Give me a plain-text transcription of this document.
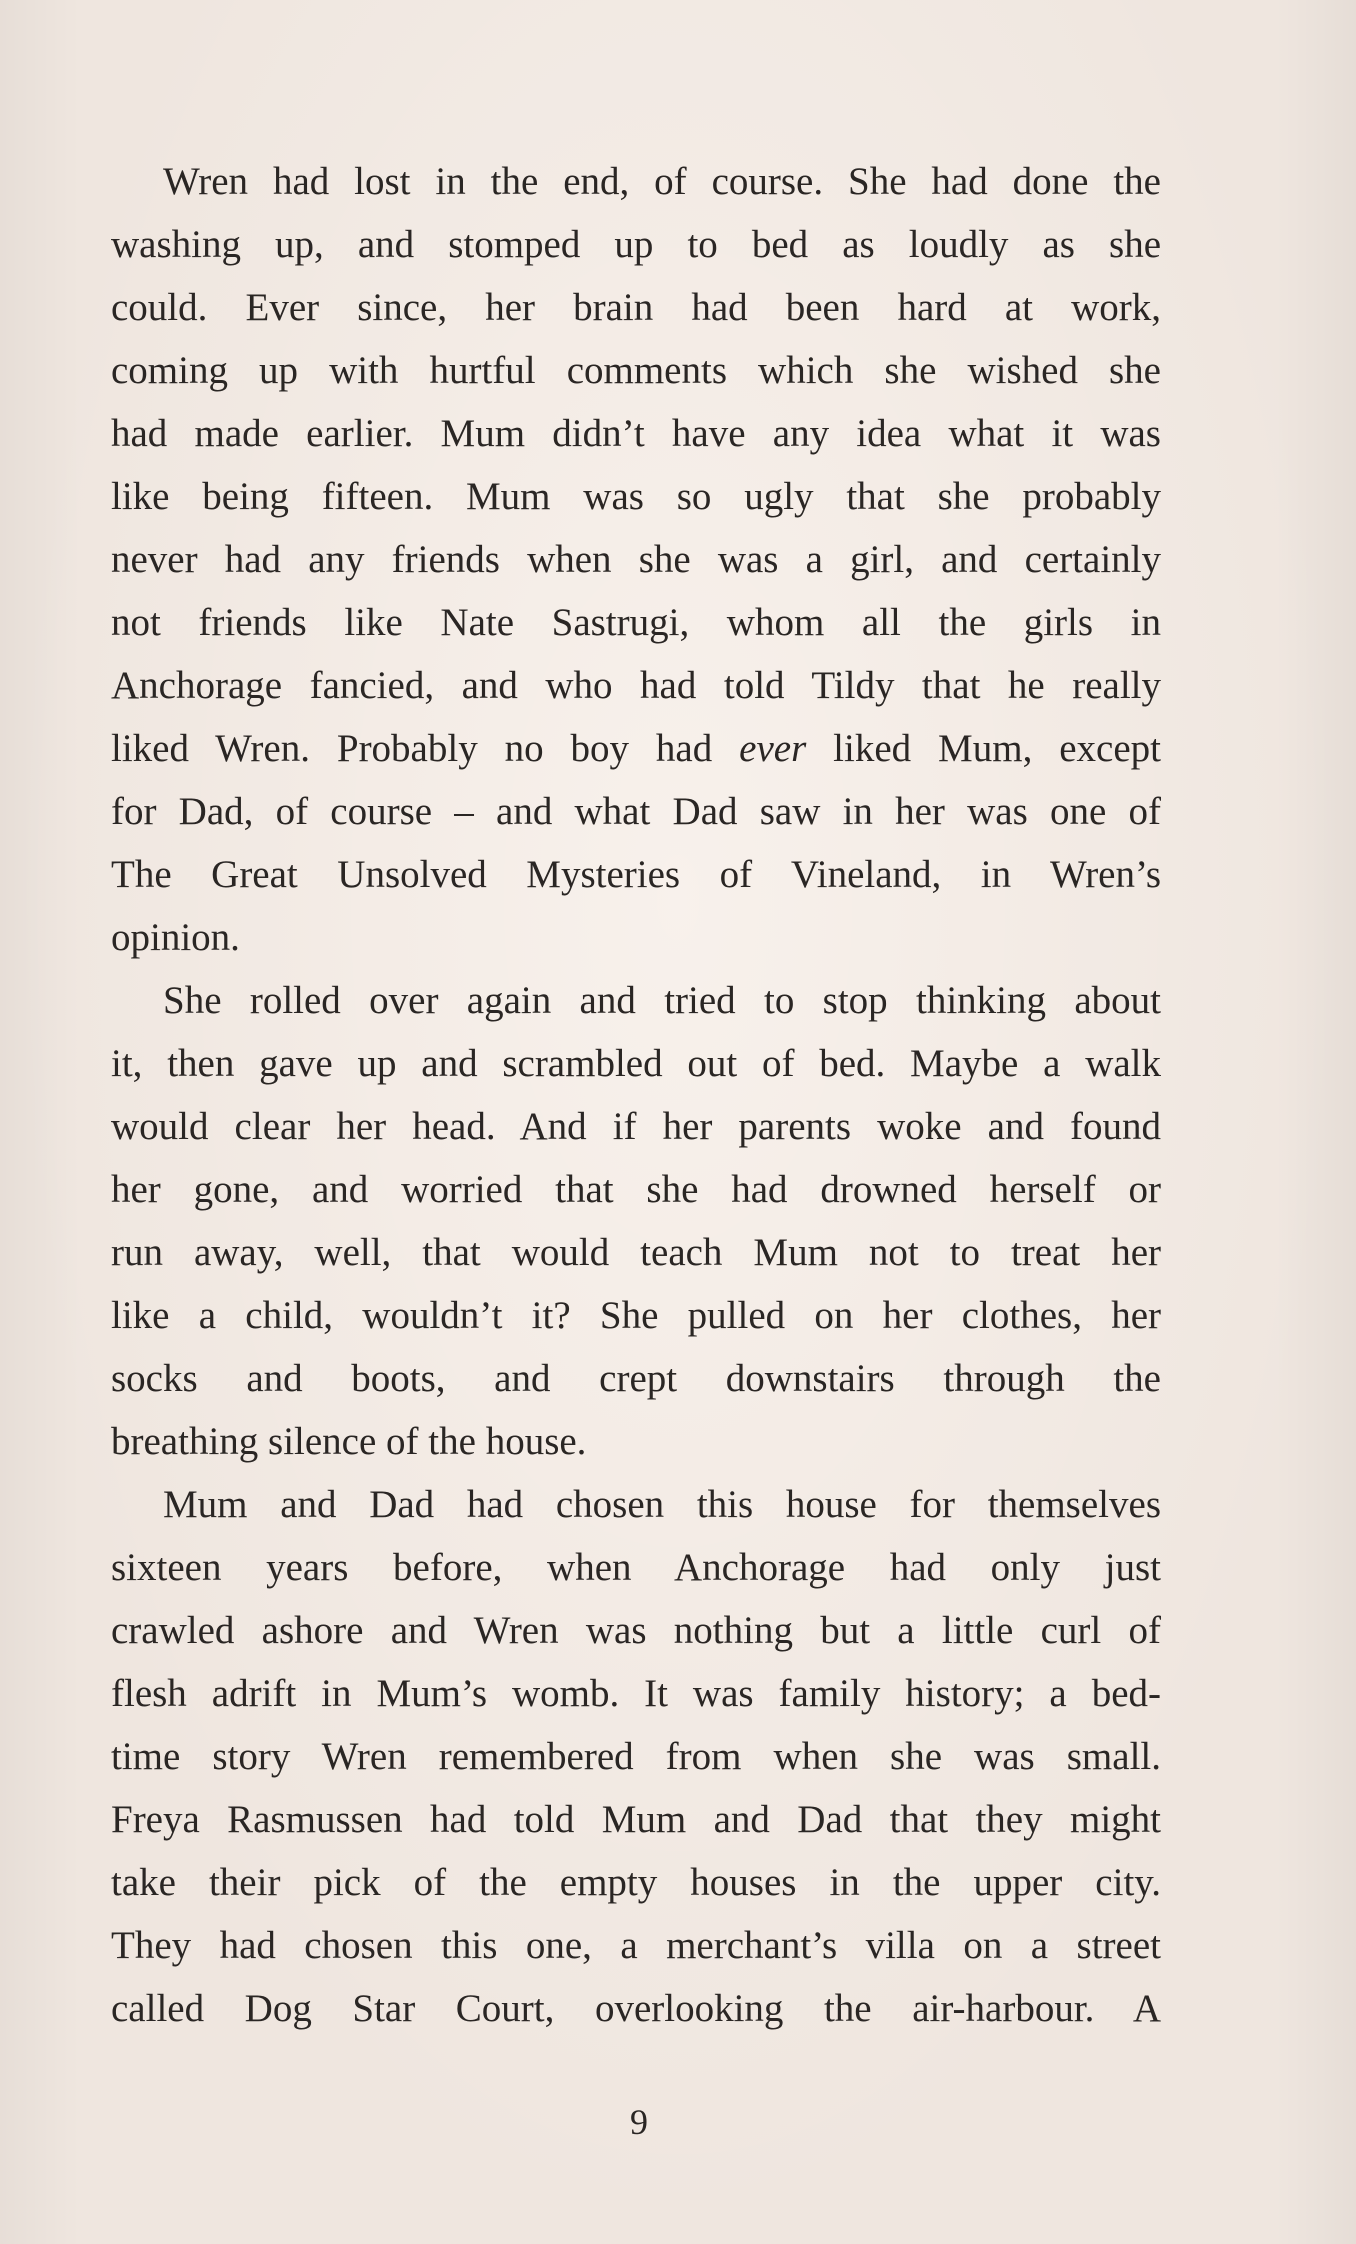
Wren had lost in the end, of course. She had done the
washing up, and stomped up to bed as loudly as she
could. Ever since, her brain had been hard at work,
coming up with hurtful comments which she wished she
had made earlier. Mum didn’t have any idea what it was
like being fifteen. Mum was so ugly that she probably
never had any friends when she was a girl, and certainly
not friends like Nate Sastrugi, whom all the girls in
Anchorage fancied, and who had told Tildy that he really
liked Wren. Probably no boy had ever liked Mum, except
for Dad, of course – and what Dad saw in her was one of
The Great Unsolved Mysteries of Vineland, in Wren’s
opinion.
She rolled over again and tried to stop thinking about
it, then gave up and scrambled out of bed. Maybe a walk
would clear her head. And if her parents woke and found
her gone, and worried that she had drowned herself or
run away, well, that would teach Mum not to treat her
like a child, wouldn’t it? She pulled on her clothes, her
socks and boots, and crept downstairs through the
breathing silence of the house.
Mum and Dad had chosen this house for themselves
sixteen years before, when Anchorage had only just
crawled ashore and Wren was nothing but a little curl of
flesh adrift in Mum’s womb. It was family history; a bed-
time story Wren remembered from when she was small.
Freya Rasmussen had told Mum and Dad that they might
take their pick of the empty houses in the upper city.
They had chosen this one, a merchant’s villa on a street
called Dog Star Court, overlooking the air-harbour. A
9
